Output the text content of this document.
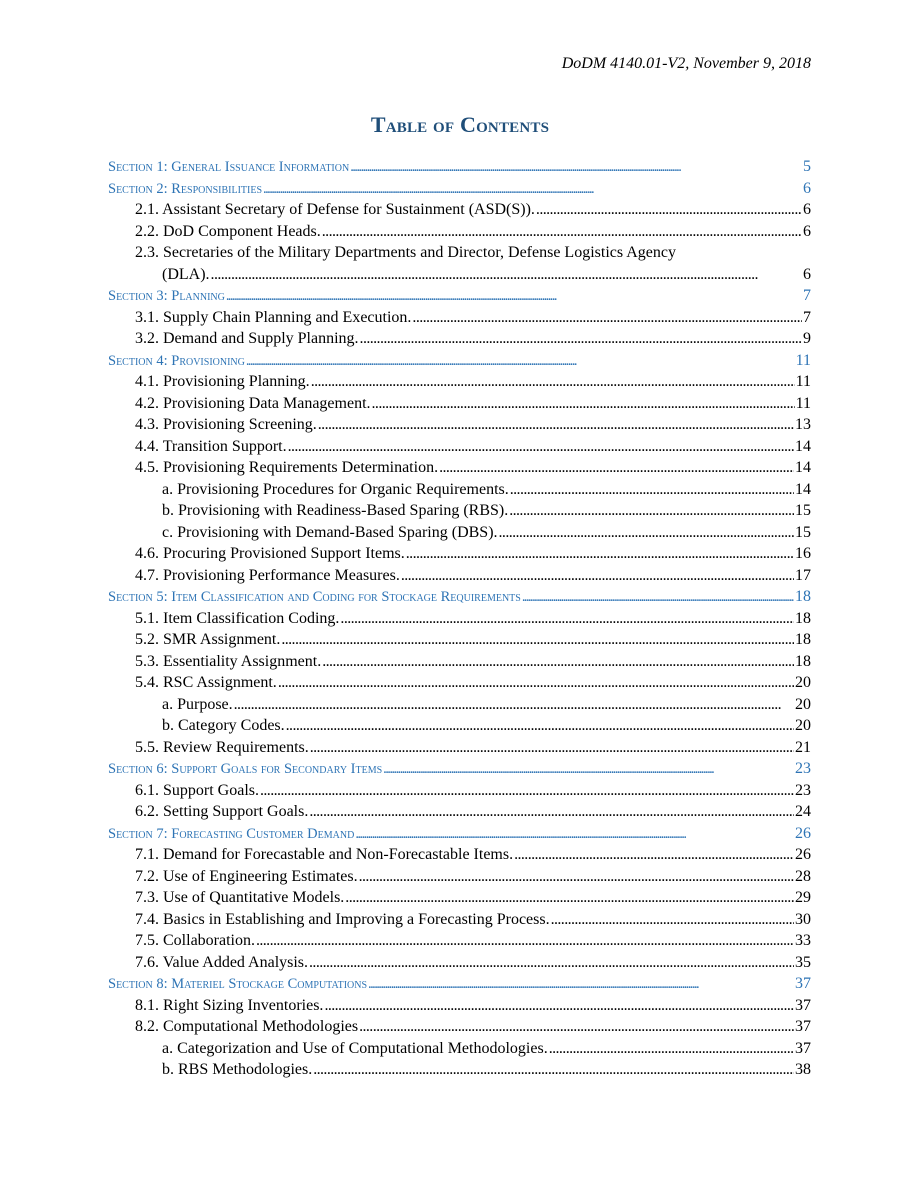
DoDM 4140.01-V2, November 9, 2018
Table of Contents
Section 1: General Issuance Information . . .	5
Section 2: Responsibilities . . .	6
2.1. Assistant Secretary of Defense for Sustainment (ASD(S)). . . .	6
2.2. DoD Component Heads. . . .	6
2.3. Secretaries of the Military Departments and Director, Defense Logistics Agency
(DLA). . . .	6
Section 3: Planning . . .	7
3.1. Supply Chain Planning and Execution. . . .	7
3.2. Demand and Supply Planning. . . .	9
Section 4: Provisioning . . .	11
4.1. Provisioning Planning. . . .	11
4.2. Provisioning Data Management. . . .	11
4.3. Provisioning Screening. . . .	13
4.4. Transition Support. . . .	14
4.5. Provisioning Requirements Determination. . . .	14
a. Provisioning Procedures for Organic Requirements. . . .	14
b. Provisioning with Readiness-Based Sparing (RBS). . . .	15
c. Provisioning with Demand-Based Sparing (DBS). . . .	15
4.6. Procuring Provisioned Support Items. . . .	16
4.7. Provisioning Performance Measures. . . .	17
Section 5: Item Classification and Coding for Stockage Requirements . . .	18
5.1. Item Classification Coding. . . .	18
5.2. SMR Assignment. . . .	18
5.3. Essentiality Assignment. . . .	18
5.4. RSC Assignment. . . .	20
a. Purpose. . . .	20
b. Category Codes. . . .	20
5.5. Review Requirements. . . .	21
Section 6: Support Goals for Secondary Items . . .	23
6.1. Support Goals. . . .	23
6.2. Setting Support Goals. . . .	24
Section 7: Forecasting Customer Demand . . .	26
7.1. Demand for Forecastable and Non-Forecastable Items. . . .	26
7.2. Use of Engineering Estimates. . . .	28
7.3. Use of Quantitative Models. . . .	29
7.4. Basics in Establishing and Improving a Forecasting Process. . . .	30
7.5. Collaboration. . . .	33
7.6. Value Added Analysis. . . .	35
Section 8: Materiel Stockage Computations . . .	37
8.1. Right Sizing Inventories. . . .	37
8.2. Computational Methodologies . . .	37
a. Categorization and Use of Computational Methodologies. . . .	37
b. RBS Methodologies. . . .	38
